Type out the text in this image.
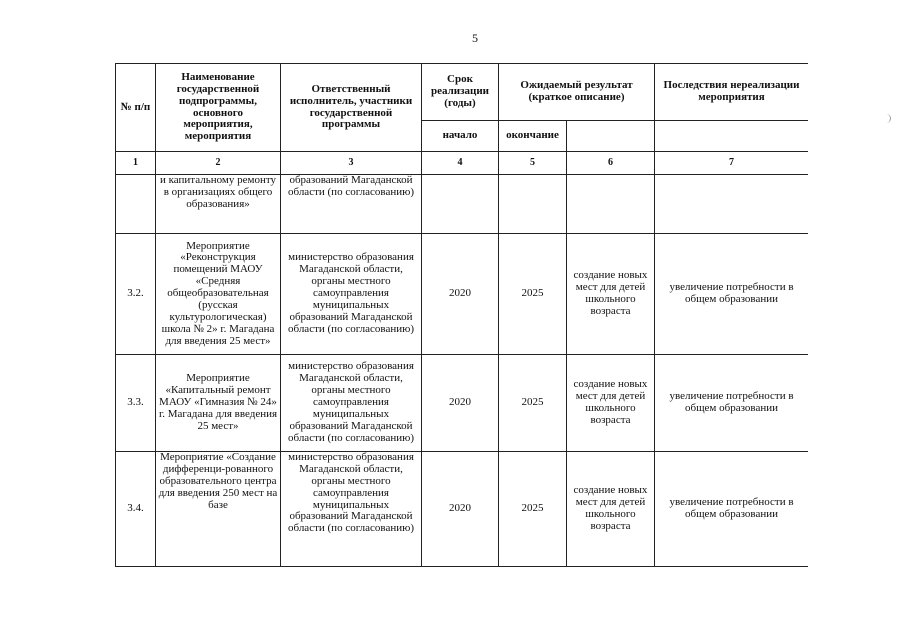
5
№ п/п	Наименование государственной подпрограммы, основного мероприятия, мероприятия	Ответственный исполнитель, участники государственной программы	Срок реализации (годы)	Ожидаемый результат (краткое описание)		Последствия нереализации мероприятия
			начало	окончание		
1	2	3	4	5	6	7
	и капитальному ремонту в организациях общего образования»	образований Магаданской области (по согласованию)				
3.2.	Мероприятие «Реконструкция помещений МАОУ «Средняя общеобразовательная (русская культурологическая) школа № 2» г. Магадана для введения 25 мест»	министерство образования Магаданской области, органы местного самоуправления муниципальных образований Магаданской области (по согласованию)	2020	2025	создание новых мест для детей школьного возраста	увеличение потребности в общем образовании
3.3.	Мероприятие «Капитальный ремонт МАОУ «Гимназия № 24» г. Магадана для введения 25 мест»	министерство образования Магаданской области, органы местного самоуправления муниципальных образований Магаданской области (по согласованию)	2020	2025	создание новых мест для детей школьного возраста	увеличение потребности в общем образовании
3.4.	Мероприятие «Создание дифференци-рованного образовательного центра для введения 250 мест на базе	министерство образования Магаданской области, органы местного самоуправления муниципальных образований Магаданской области (по согласованию)	2020	2025	создание новых мест для детей школьного возраста	увеличение потребности в общем образовании
